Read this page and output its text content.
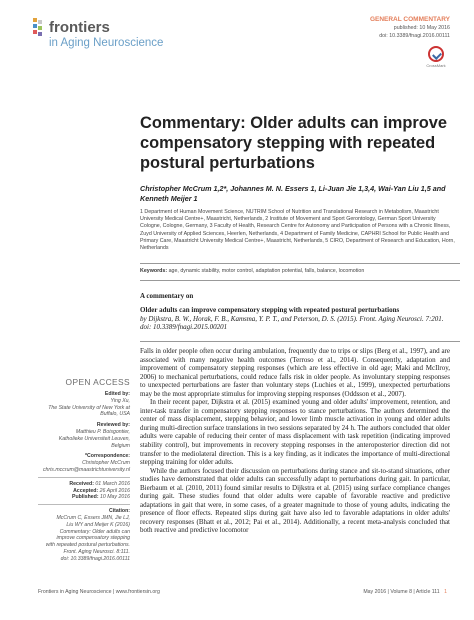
frontiers
in Aging Neuroscience
GENERAL COMMENTARY
published: 10 May 2016
doi: 10.3389/fnagi.2016.00111
CrossMark
Commentary: Older adults can improve compensatory stepping with repeated postural perturbations
Christopher McCrum 1,2*, Johannes M. N. Essers 1, Li-Juan Jie 1,3,4, Wai-Yan Liu 1,5 and Kenneth Meijer 1
1 Department of Human Movement Science, NUTRIM School of Nutrition and Translational Research in Metabolism, Maastricht University Medical Centre+, Maastricht, Netherlands, 2 Institute of Movement and Sport Gerontology, German Sport University Cologne, Cologne, Germany, 3 Faculty of Health, Research Centre for Autonomy and Participation of Persons with a Chronic Illness, Zuyd University of Applied Sciences, Heerlen, Netherlands, 4 Department of Family Medicine, CAPHRI School for Public Health and Primary Care, Maastricht University Medical Centre+, Maastricht, Netherlands, 5 CIRO, Department of Research and Education, Horn, Netherlands
Keywords: age, dynamic stability, motor control, adaptation potential, falls, balance, locomotion
A commentary on
Older adults can improve compensatory stepping with repeated postural perturbations
by Dijkstra, B. W., Horak, F. B., Kamsma, Y. P. T., and Peterson, D. S. (2015). Front. Aging Neurosci. 7:201. doi: 10.3389/fnagi.2015.00201

Falls in older people often occur during ambulation, frequently due to trips or slips (Berg et al., 1997), and are associated with many negative health outcomes (Terroso et al., 2014). Consequently, adaptation and improvement of compensatory stepping responses (which are less effective in old age; Maki and McIlroy, 2006) to mechanical perturbations, could reduce falls risk in older people. As involuntary stepping responses to unexpected perturbations are faster than voluntary steps (Luchies et al., 1999), unexpected perturbations may be the most appropriate stimulus for improving stepping responses (Oddsson et al., 2007).

In their recent paper, Dijkstra et al. (2015) examined young and older adults' improvement, retention, and inter-task transfer in compensatory stepping responses to stance perturbations. The authors determined the center of mass displacement, stepping behavior, and lower limb muscle activation in young and older adults during multi-direction surface translations in two sessions separated by 24 h. The authors concluded that older adults were capable of reducing their center of mass displacement with task repetition (indicating improved stability control), but improvements in recovery stepping responses in the anteroposterior direction did not transfer to the mediolateral direction. This is a key finding, as it indicates the importance of multi-directional stepping training for older adults.

While the authors focused their discussion on perturbations during stance and sit-to-stand situations, other studies have demonstrated that older adults can successfully adapt to perturbations during gait. In particular, Bierbaum et al. (2010, 2011) found similar results to Dijkstra et al. (2015) using surface compliance changes during gait. These studies found that older adults were capable of favorable reactive and predictive adaptations in gait that were, in some cases, of a greater magnitude to those of young adults, indicating the presence of floor effects. Repeated slips during gait have also led to favorable adaptations in older adults' recovery responses (Bhatt et al., 2012; Pai et al., 2014). Additionally, a recent meta-analysis concluded that both reactive and predictive locomotor

OPEN ACCESS
Edited by:
Ying Xu,
The State University of New York at
Buffalo, USA
Reviewed by:
Matthieu P. Boisgontier,
Katholieke Universiteit Leuven,
Belgium
*Correspondence:
Christopher McCrum
chris.mccrum@maastrichtuniversity.nl
Received: 01 March 2016
Accepted: 26 April 2016
Published: 10 May 2016
Citation:
McCrum C, Essers JMN, Jie LJ,
Liu WY and Meijer K (2016)
Commentary: Older adults can
improve compensatory stepping
with repeated postural perturbations.
Front. Aging Neurosci. 8:111.
doi: 10.3389/fnagi.2016.00111
Frontiers in Aging Neuroscience | www.frontiersin.org	May 2016 | Volume 8 | Article 111 1
